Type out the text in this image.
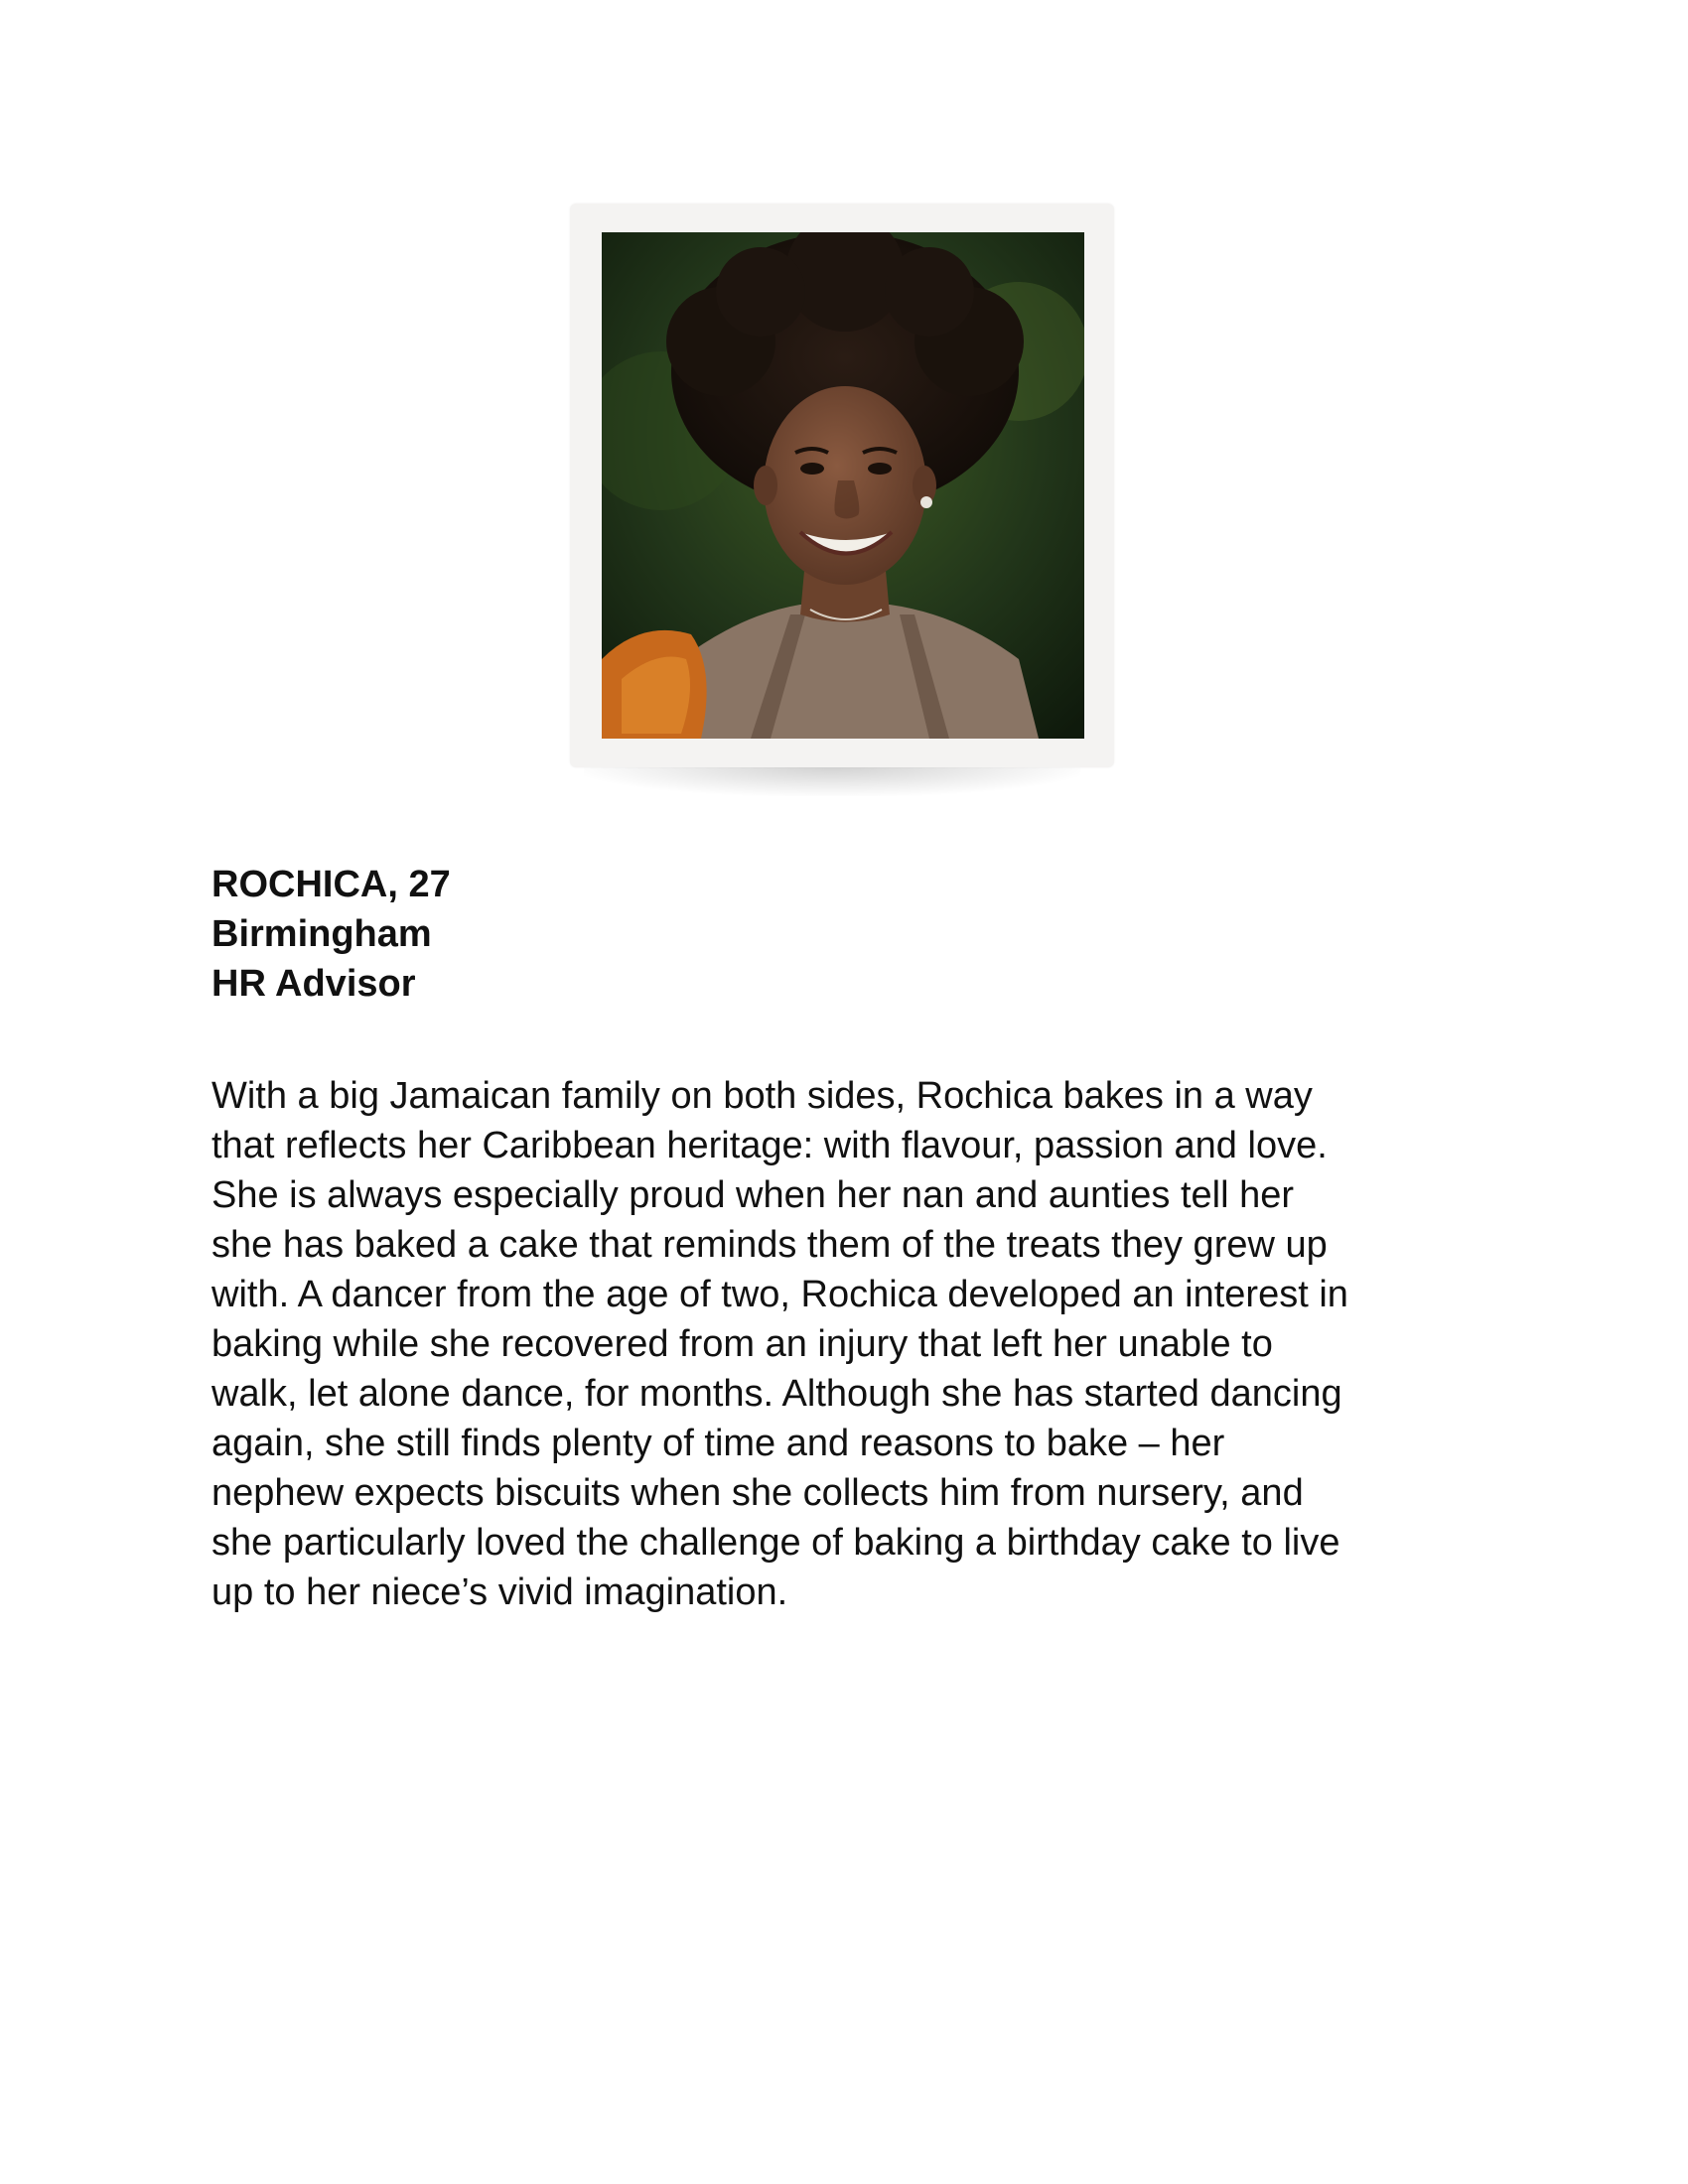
ROCHICA, 27
Birmingham
HR Advisor
With a big Jamaican family on both sides, Rochica bakes in a way
that reflects her Caribbean heritage: with flavour, passion and love.
She is always especially proud when her nan and aunties tell her
she has baked a cake that reminds them of the treats they grew up
with. A dancer from the age of two, Rochica developed an interest in
baking while she recovered from an injury that left her unable to
walk, let alone dance, for months. Although she has started dancing
again, she still finds plenty of time and reasons to bake – her
nephew expects biscuits when she collects him from nursery, and
she particularly loved the challenge of baking a birthday cake to live
up to her niece’s vivid imagination.
